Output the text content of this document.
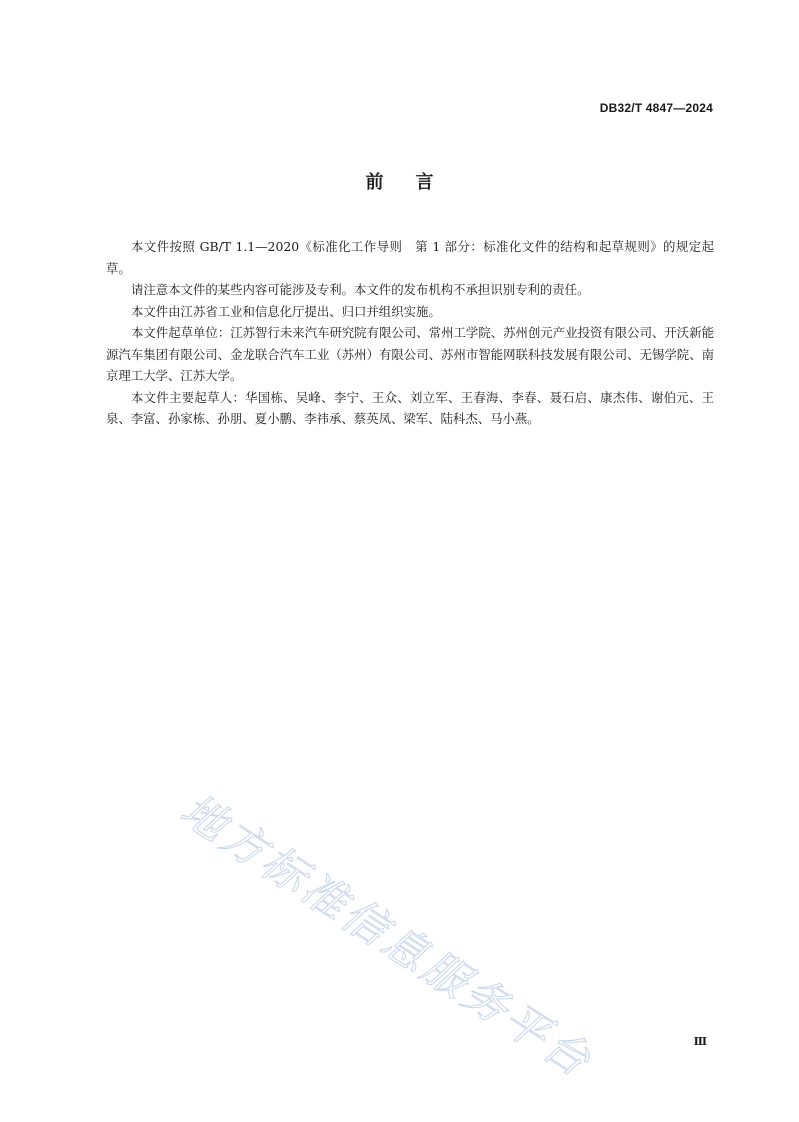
DB32/T 4847—2024
前言

本文件按照 GB/T 1.1—2020《标准化工作导则　第 1 部分：标准化文件的结构和起草规则》的规定起草。

请注意本文件的某些内容可能涉及专利。本文件的发布机构不承担识别专利的责任。

本文件由江苏省工业和信息化厅提出、归口并组织实施。

本文件起草单位：江苏智行未来汽车研究院有限公司、常州工学院、苏州创元产业投资有限公司、开沃新能源汽车集团有限公司、金龙联合汽车工业（苏州）有限公司、苏州市智能网联科技发展有限公司、无锡学院、南京理工大学、江苏大学。

本文件主要起草人：华国栋、吴峰、李宁、王众、刘立军、王春海、李春、聂石启、康杰伟、谢伯元、王泉、李富、孙家栋、孙朋、夏小鹏、李祎承、蔡英凤、梁军、陆科杰、马小燕。

地方标准信息服务平台	Ⅲ
